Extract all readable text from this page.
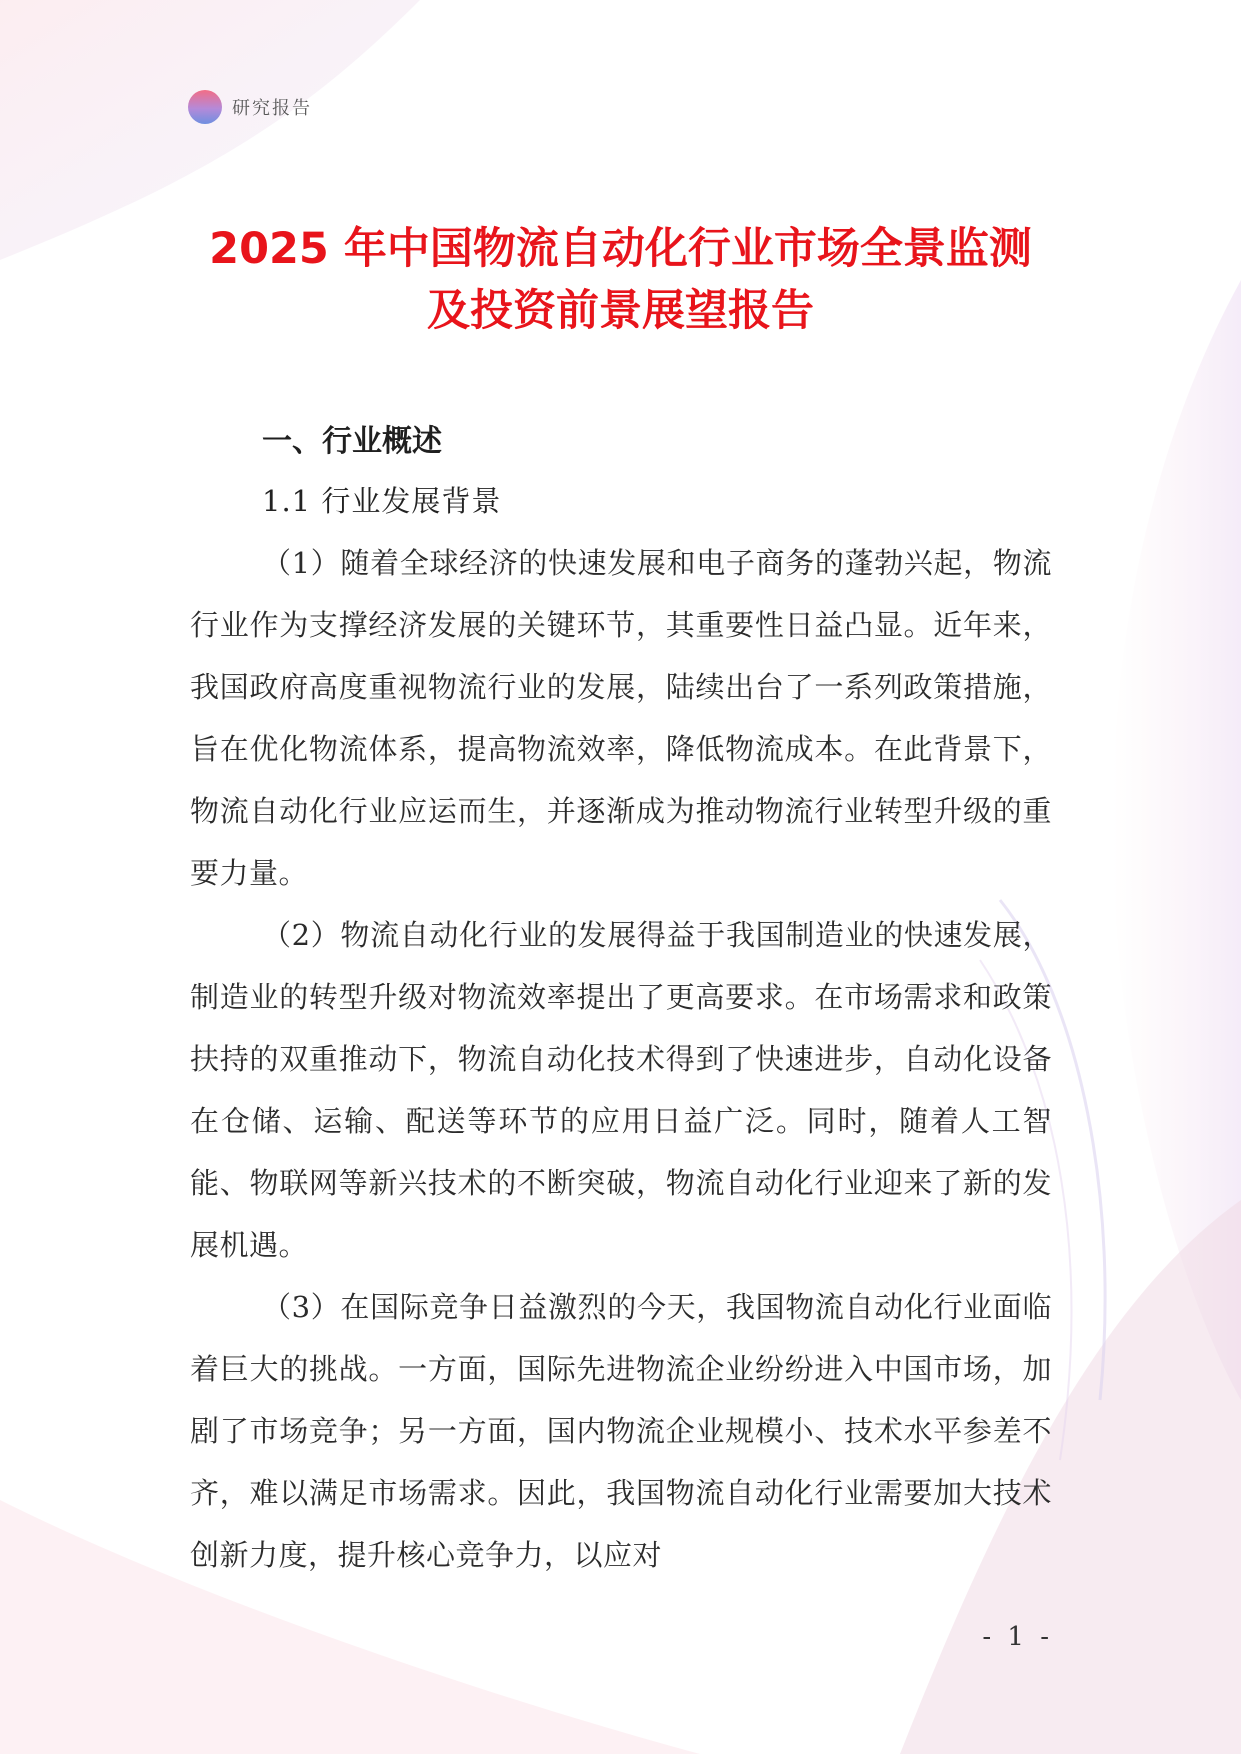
研究报告
2025 年中国物流自动化行业市场全景监测
及投资前景展望报告
一、行业概述
1.1 行业发展背景

（1）随着全球经济的快速发展和电子商务的蓬勃兴起，物流行业作为支撑经济发展的关键环节，其重要性日益凸显。近年来，我国政府高度重视物流行业的发展，陆续出台了一系列政策措施，旨在优化物流体系，提高物流效率，降低物流成本。在此背景下，物流自动化行业应运而生，并逐渐成为推动物流行业转型升级的重要力量。

（2）物流自动化行业的发展得益于我国制造业的快速发展，制造业的转型升级对物流效率提出了更高要求。在市场需求和政策扶持的双重推动下，物流自动化技术得到了快速进步，自动化设备在仓储、运输、配送等环节的应用日益广泛。同时，随着人工智能、物联网等新兴技术的不断突破，物流自动化行业迎来了新的发展机遇。

（3）在国际竞争日益激烈的今天，我国物流自动化行业面临着巨大的挑战。一方面，国际先进物流企业纷纷进入中国市场，加剧了市场竞争；另一方面，国内物流企业规模小、技术水平参差不齐，难以满足市场需求。因此，我国物流自动化行业需要加大技术创新力度，提升核心竞争力，以应对

- 1 -
